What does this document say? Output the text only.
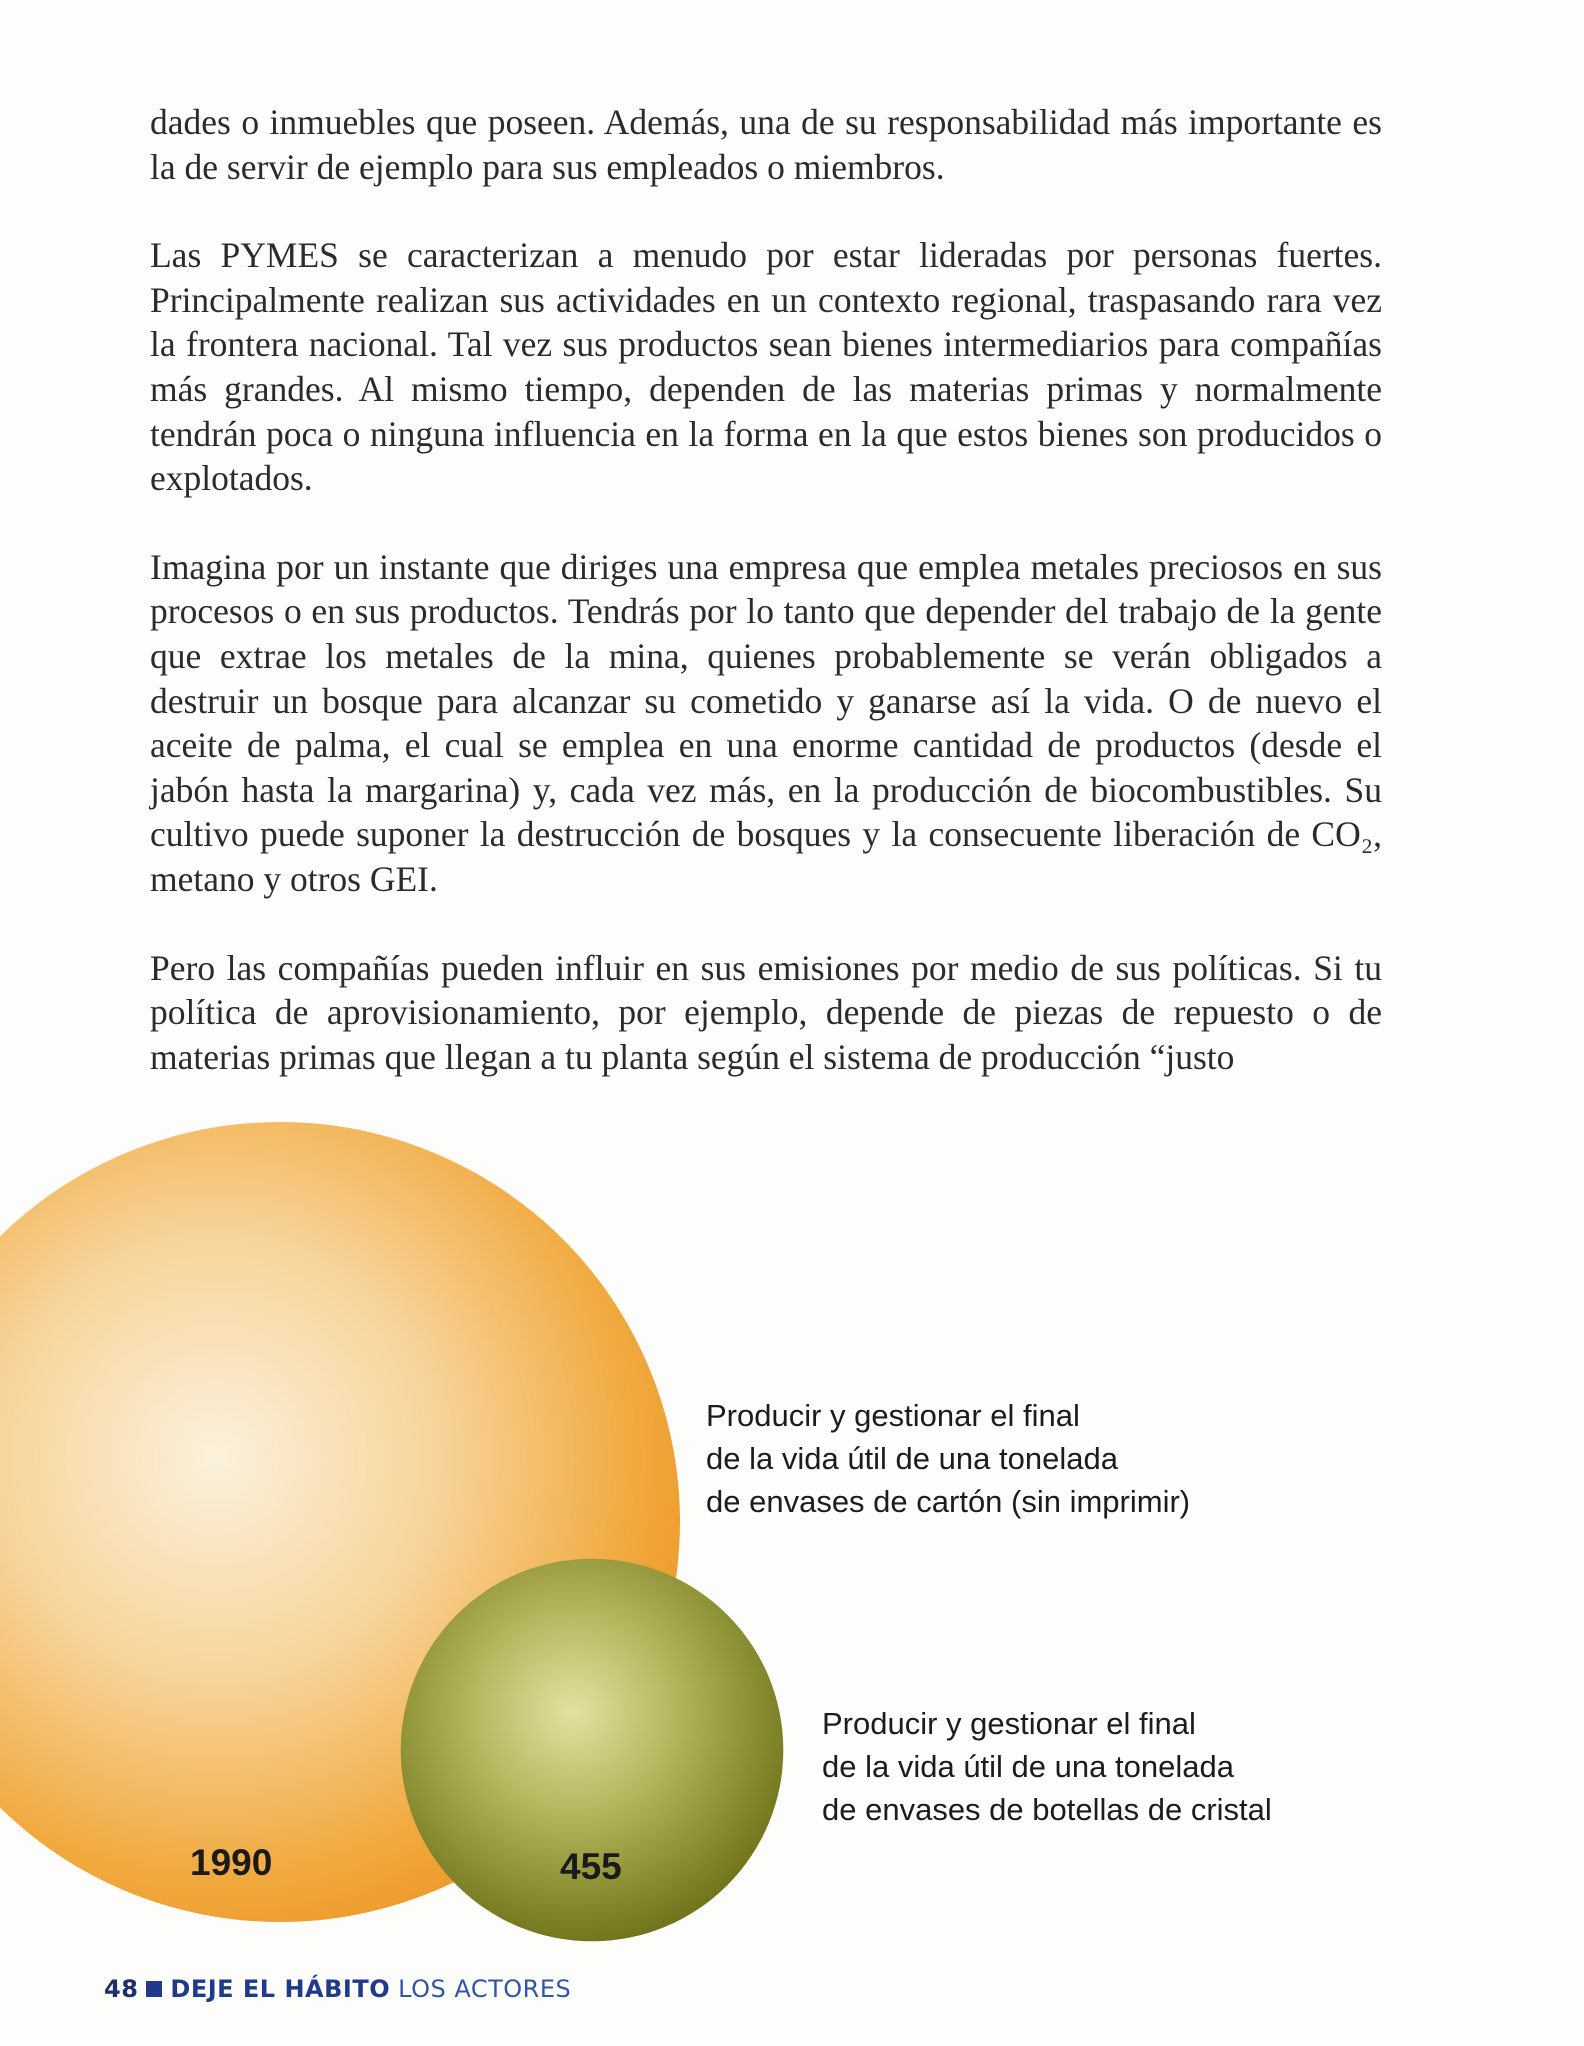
dades o inmuebles que poseen. Además, una de su responsabilidad más importante es la de servir de ejemplo para sus empleados o miembros.

Las PYMES se caracterizan a menudo por estar lideradas por personas fuertes. Principalmente realizan sus actividades en un contexto regional, traspasando rara vez la frontera nacional. Tal vez sus productos sean bienes intermediarios para compañías más grandes. Al mismo tiempo, dependen de las materias primas y normalmente tendrán poca o ninguna influencia en la forma en la que estos bienes son producidos o explotados.

Imagina por un instante que diriges una empresa que emplea metales preciosos en sus procesos o en sus productos. Tendrás por lo tanto que depender del trabajo de la gente que extrae los metales de la mina, quienes probablemente se verán obligados a destruir un bosque para alcanzar su cometido y ganarse así la vida. O de nuevo el aceite de palma, el cual se emplea en una enorme cantidad de productos (desde el jabón hasta la margarina) y, cada vez más, en la producción de biocombustibles. Su cultivo puede suponer la destrucción de bosques y la consecuente liberación de CO₂, metano y otros GEI.

Pero las compañías pueden influir en sus emisiones por medio de sus políticas. Si tu política de aprovisionamiento, por ejemplo, depende de piezas de repuesto o de materias primas que llegan a tu planta según el sistema de producción “justo

Producir y gestionar el final
de la vida útil de una tonelada
de envases de cartón (sin imprimir)
Producir y gestionar el final
de la vida útil de una tonelada
de envases de botellas de cristal
1990	455
48 DEJE EL HÁBITO LOS ACTORES
